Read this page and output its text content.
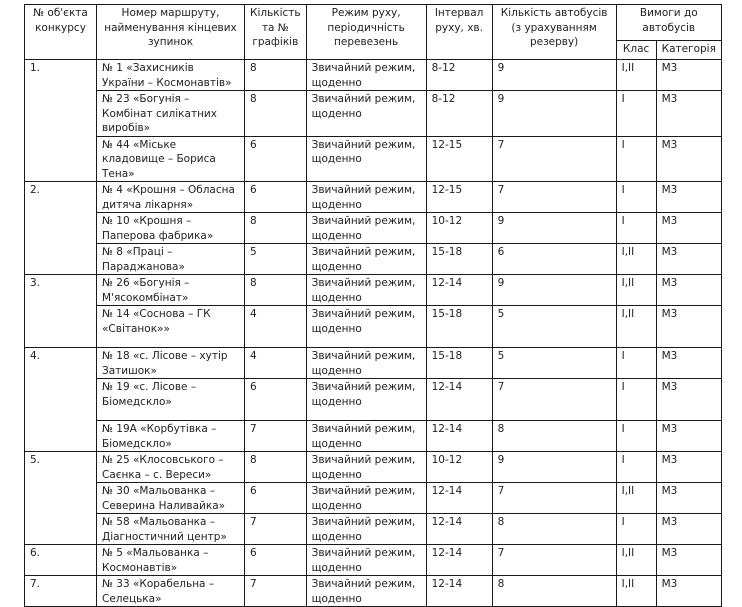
№ об'єкта конкурсу	Номер маршруту, найменування кінцевих зупинок	Кількість та № графіків	Режим руху, періодичність перевезень	Інтервал руху, хв.	Кількість автобусів (з урахуванням резерву)	Вимоги до автобусів	
						Клас	Категорія
1.	№ 1 «Захисників України – Космонавтів»	8	Звичайний режим, щоденно	8-12	9	I,II	M3
	№ 23 «Богунія – Комбінат силікатних виробів»	8	Звичайний режим, щоденно	8-12	9	I	M3
	№ 44 «Міське кладовище – Бориса Тена»	6	Звичайний режим, щоденно	12-15	7	I	M3
2.	№ 4 «Крошня – Обласна дитяча лікарня»	6	Звичайний режим, щоденно	12-15	7	I	M3
	№ 10 «Крошня – Паперова фабрика»	8	Звичайний режим, щоденно	10-12	9	I	M3
	№ 8 «Праці – Параджанова»	5	Звичайний режим, щоденно	15-18	6	I,II	M3
3.	№ 26 «Богунія – М'ясокомбінат»	8	Звичайний режим, щоденно	12-14	9	I,II	M3
	№ 14 «Соснова – ГК «Світанок»»	4	Звичайний режим, щоденно	15-18	5	I,II	M3
4.	№ 18 «с. Лісове – хутір Затишок»	4	Звичайний режим, щоденно	15-18	5	I	M3
	№ 19 «с. Лісове – Біомедскло»	6	Звичайний режим, щоденно	12-14	7	I	M3
	№ 19А «Корбутівка – Біомедскло»	7	Звичайний режим, щоденно	12-14	8	I	M3
5.	№ 25 «Клосовського – Саєнка – с. Вереси»	8	Звичайний режим, щоденно	10-12	9	I	M3
	№ 30 «Мальованка – Северина Наливайка»	6	Звичайний режим, щоденно	12-14	7	I,II	M3
	№ 58 «Мальованка – Діагностичний центр»	7	Звичайний режим, щоденно	12-14	8	I	M3
6.	№ 5 «Мальованка –Космонавтів»	6	Звичайний режим, щоденно	12-14	7	I,II	M3
7.	№ 33 «Корабельна – Селецька»	7	Звичайний режим, щоденно	12-14	8	I,II	M3
